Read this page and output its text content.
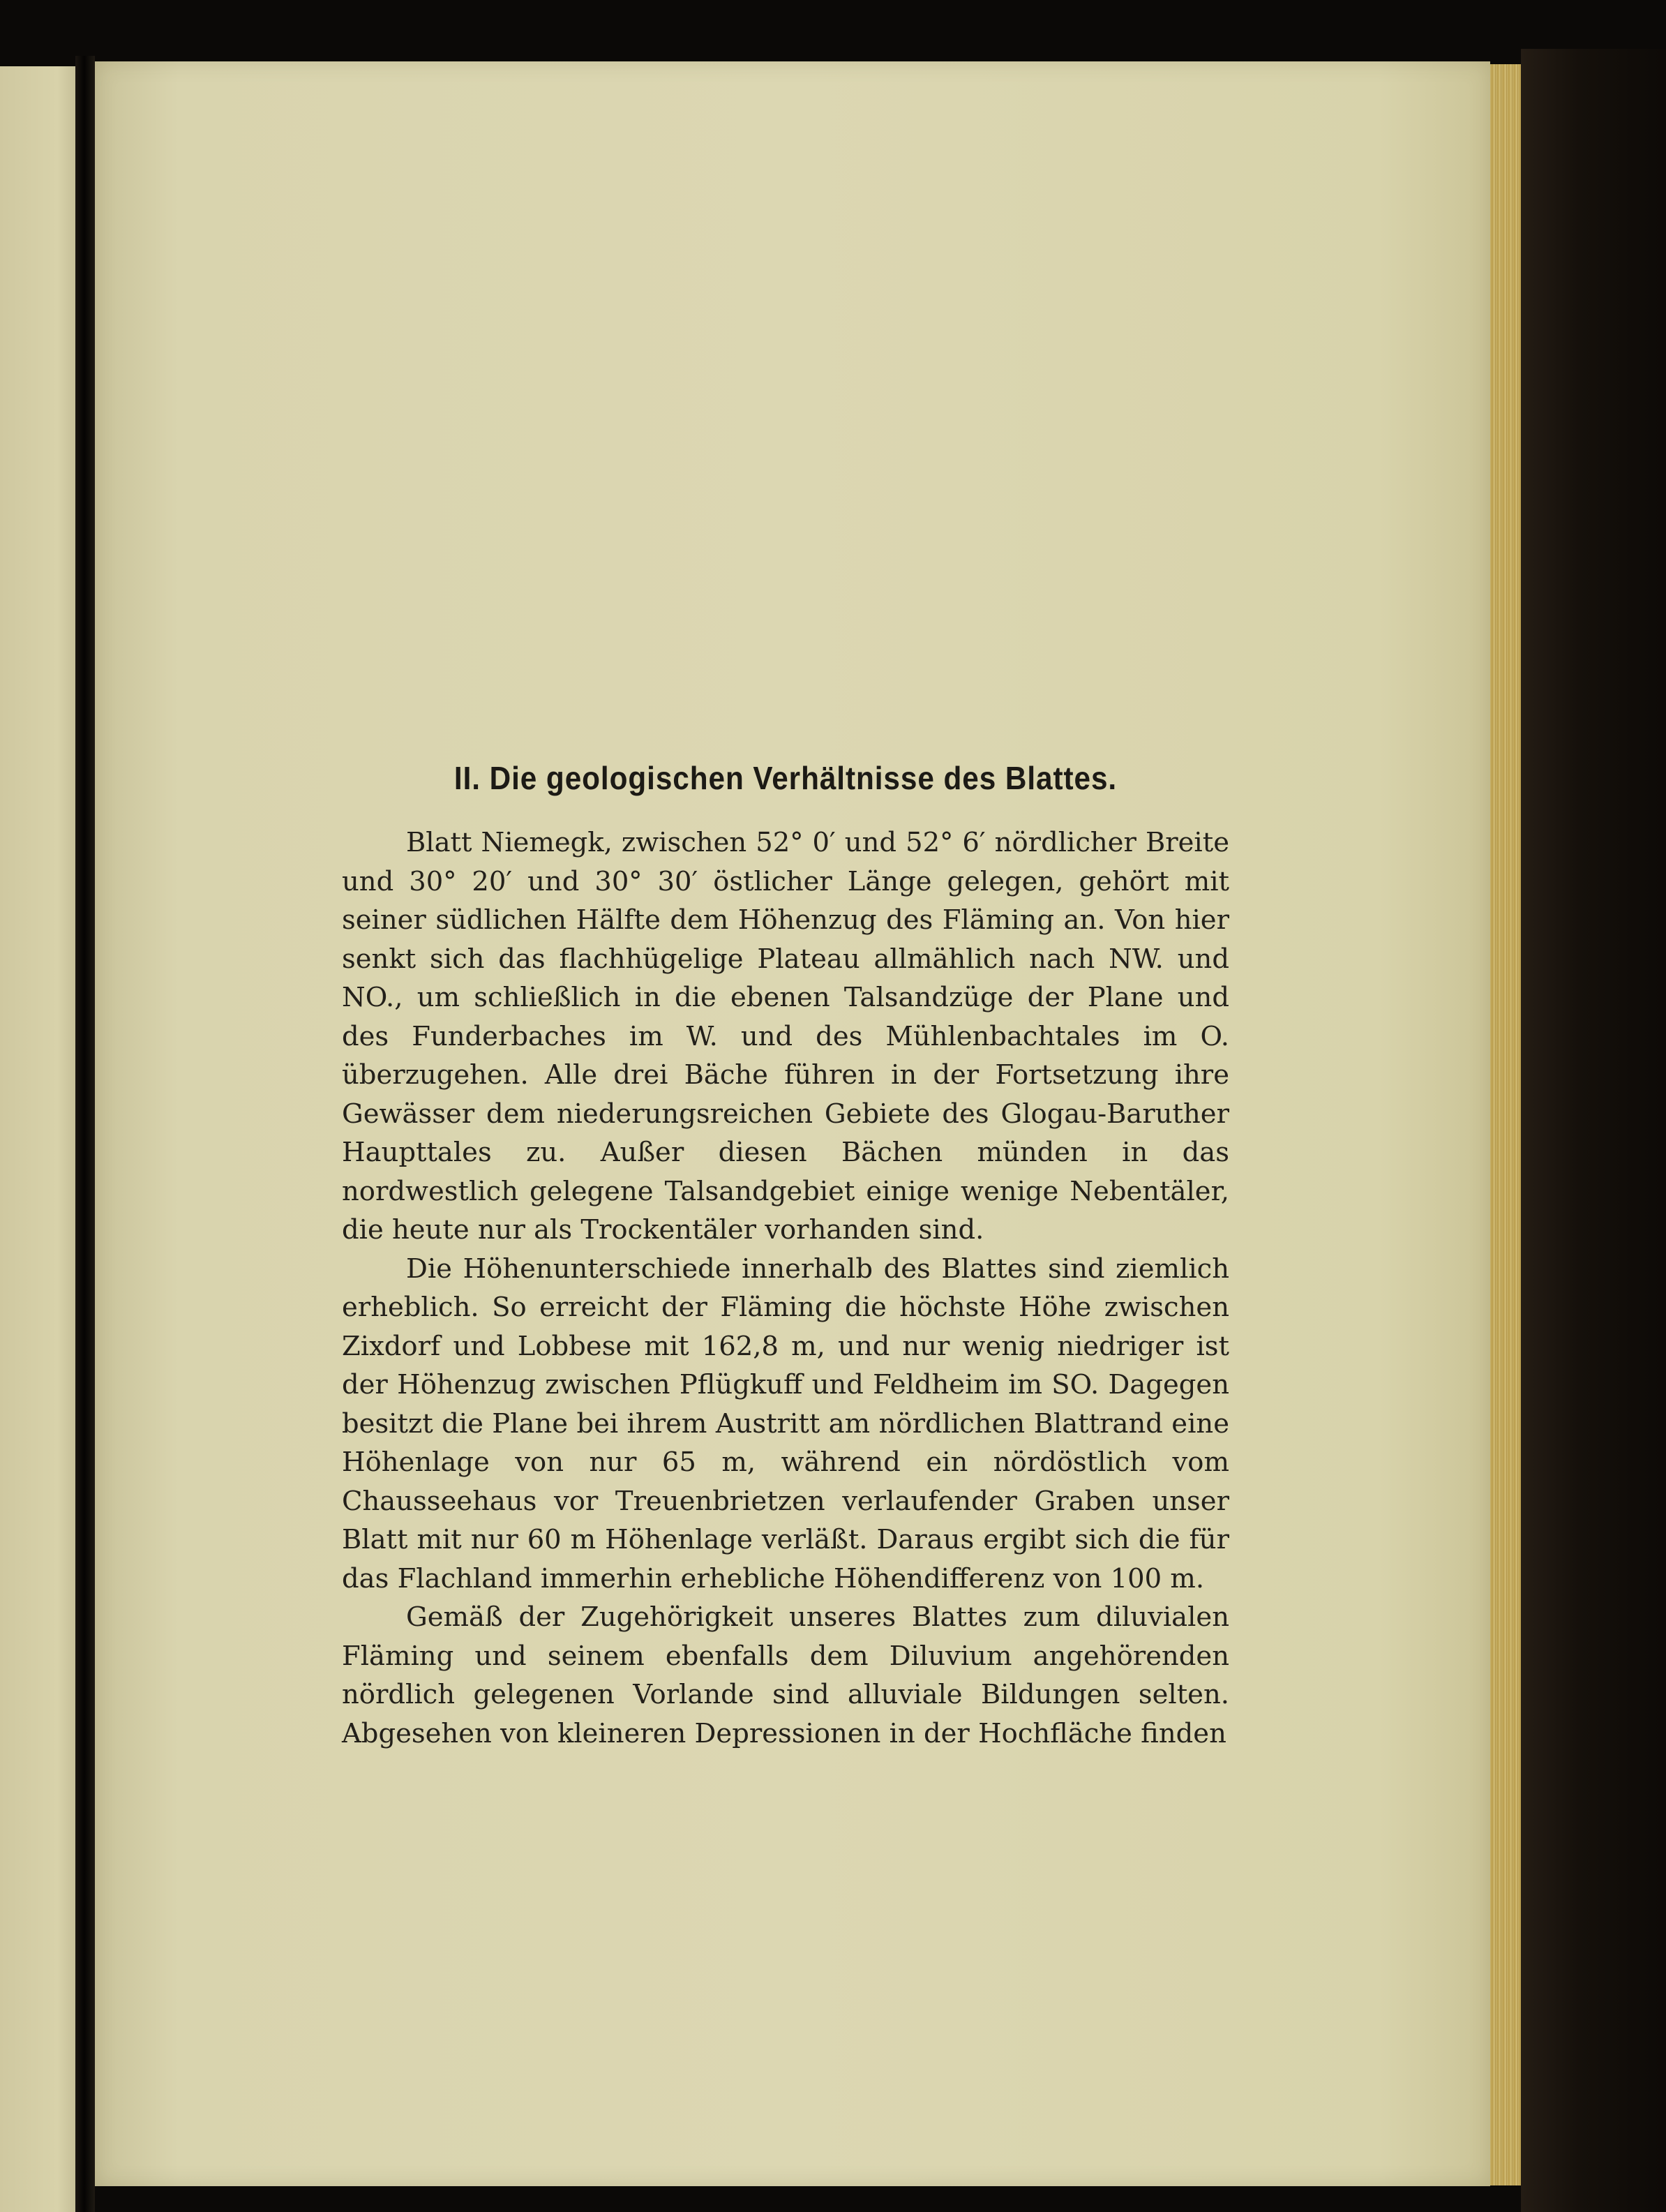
II. Die geologischen Verhältnisse des Blattes.

Blatt Niemegk, zwischen 52° 0′ und 52° 6′ nördlicher Breite und 30° 20′ und 30° 30′ östlicher Länge gelegen, gehört mit seiner südlichen Hälfte dem Höhenzug des Fläming an. Von hier senkt sich das flachhügelige Plateau allmählich nach NW. und NO., um schließlich in die ebenen Talsandzüge der Plane und des Funderbaches im W. und des Mühlenbachtales im O. überzugehen. Alle drei Bäche führen in der Fortsetzung ihre Gewässer dem niederungsreichen Gebiete des Glogau-Baruther Haupttales zu. Außer diesen Bächen münden in das nordwestlich gelegene Talsandgebiet einige wenige Nebentäler, die heute nur als Trockentäler vorhanden sind.

Die Höhenunterschiede innerhalb des Blattes sind ziemlich erheblich. So erreicht der Fläming die höchste Höhe zwischen Zixdorf und Lobbese mit 162,8 m, und nur wenig niedriger ist der Höhenzug zwischen Pflügkuff und Feldheim im SO. Dagegen besitzt die Plane bei ihrem Austritt am nördlichen Blattrand eine Höhenlage von nur 65 m, während ein nördöstlich vom Chausseehaus vor Treuenbrietzen verlaufender Graben unser Blatt mit nur 60 m Höhenlage verläßt. Daraus ergibt sich die für das Flachland immerhin erhebliche Höhendifferenz von 100 m.

Gemäß der Zugehörigkeit unseres Blattes zum diluvialen Fläming und seinem ebenfalls dem Diluvium angehörenden nördlich gelegenen Vorlande sind alluviale Bildungen selten. Abgesehen von kleineren Depressionen in der Hochfläche finden
